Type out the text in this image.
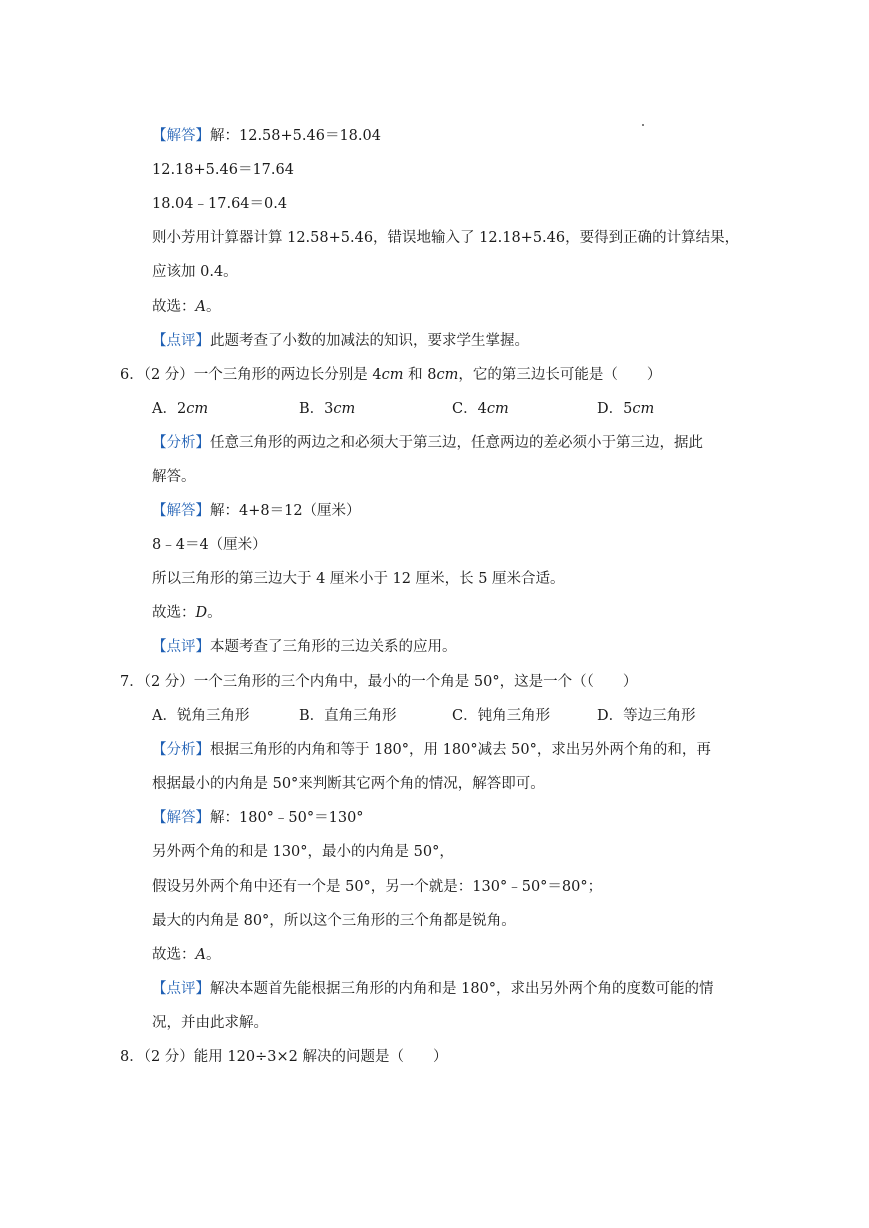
【解答】解：12.58+5.46＝18.04
12.18+5.46＝17.64
18.04﹣17.64＝0.4
则小芳用计算器计算 12.58+5.46，错误地输入了 12.18+5.46，要得到正确的计算结果，
应该加 0.4。
故选：A。
【点评】此题考查了小数的加减法的知识，要求学生掌握。
6．（2 分）一个三角形的两边长分别是 4cm 和 8cm，它的第三边长可能是（　　）
A．2cm	B．3cm	C．4cm	D．5cm
【分析】任意三角形的两边之和必须大于第三边，任意两边的差必须小于第三边，据此
解答。
【解答】解：4+8＝12（厘米）
8﹣4＝4（厘米）
所以三角形的第三边大于 4 厘米小于 12 厘米，长 5 厘米合适。
故选：D。
【点评】本题考查了三角形的三边关系的应用。
7．（2 分）一个三角形的三个内角中，最小的一个角是 50°，这是一个（（　　）
A．锐角三角形	B．直角三角形	C．钝角三角形	D．等边三角形
【分析】根据三角形的内角和等于 180°，用 180°减去 50°，求出另外两个角的和，再
根据最小的内角是 50°来判断其它两个角的情况，解答即可。
【解答】解：180°﹣50°＝130°
另外两个角的和是 130°，最小的内角是 50°，
假设另外两个角中还有一个是 50°，另一个就是：130°﹣50°＝80°；
最大的内角是 80°，所以这个三角形的三个角都是锐角。
故选：A。
【点评】解决本题首先能根据三角形的内角和是 180°，求出另外两个角的度数可能的情
况，并由此求解。
8．（2 分）能用 120÷3×2 解决的问题是（　　）
